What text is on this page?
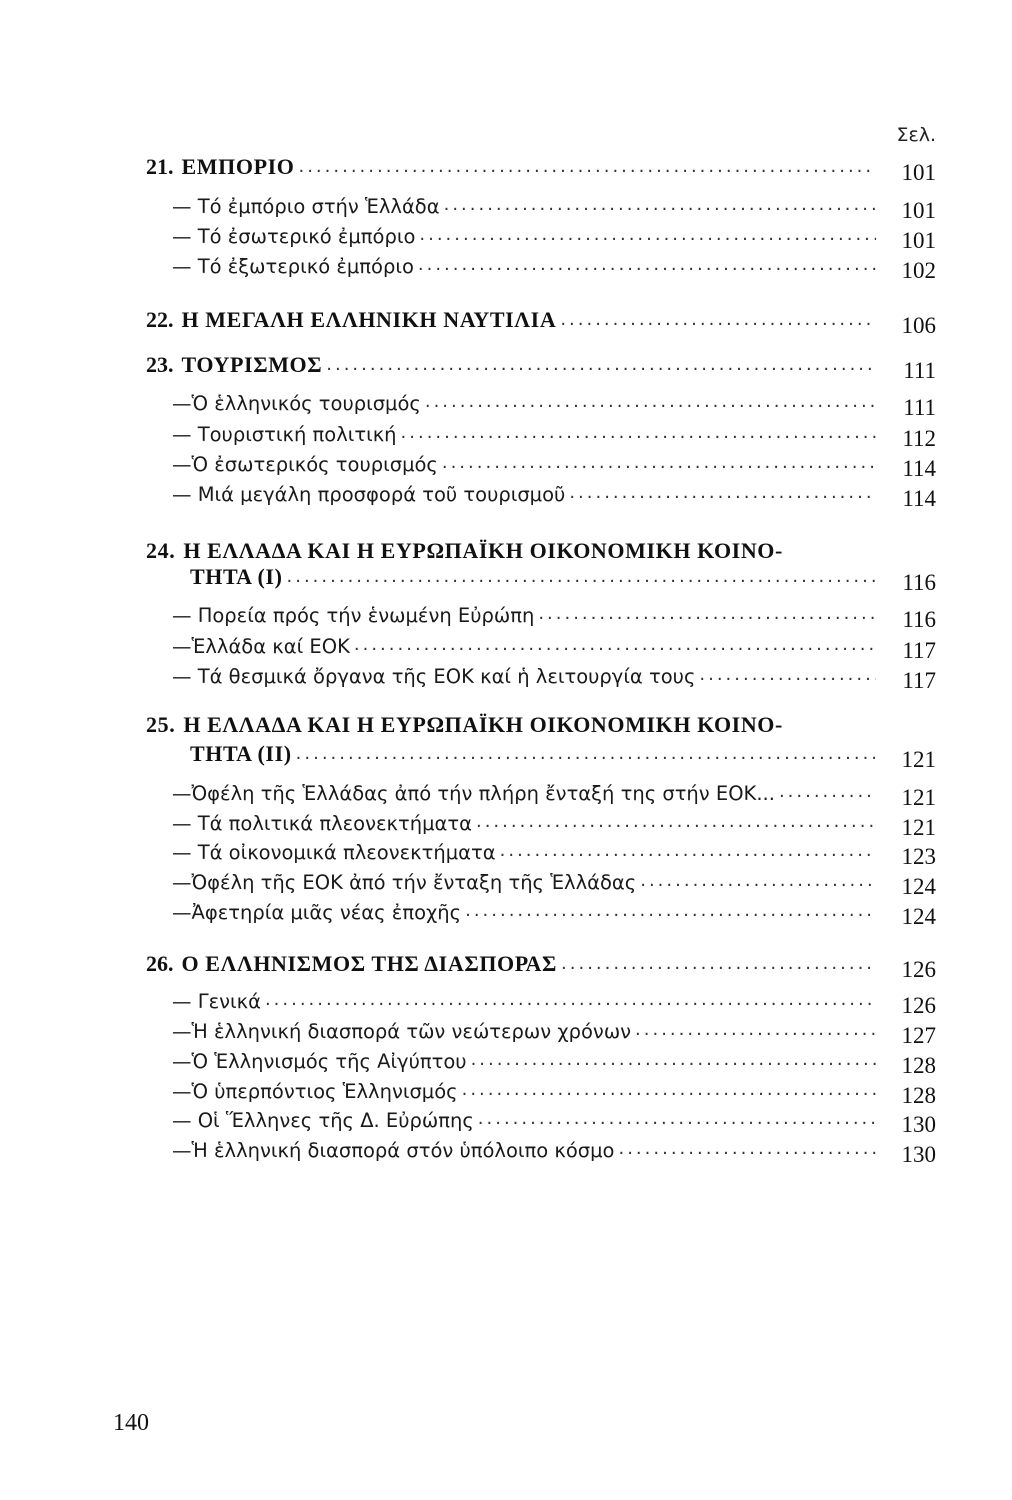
Σελ.
21. ΕΜΠΟΡΙΟ .....	101
— Τό ἐμπόριο στήν Ἑλλάδα .....	101
— Τό ἐσωτερικό ἐμπόριο .....	101
— Τό ἐξωτερικό ἐμπόριο .....	102
22. Η ΜΕΓΑΛΗ ΕΛΛΗΝΙΚΗ ΝΑΥΤΙΛΙΑ .....	106
23. ΤΟΥΡΙΣΜΟΣ .....	111
—Ὁ ἑλληνικός τουρισμός .....	111
— Τουριστική πολιτική .....	112
—Ὁ ἐσωτερικός τουρισμός .....	114
— Μιά μεγάλη προσφορά τοῦ τουρισμοῦ .....	114
24. Η ΕΛΛΑΔΑ ΚΑΙ Η ΕΥΡΩΠΑΪΚΗ ΟΙΚΟΝΟΜΙΚΗ ΚΟΙΝΟ-
ΤΗΤΑ (Ι) .....	116
— Πορεία πρός τήν ἑνωμένη Εὐρώπη .....	116
—Ἑλλάδα καί ΕΟΚ .....	117
— Τά θεσμικά ὄργανα τῆς ΕΟΚ καί ἡ λειτουργία τους .....	117
25. Η ΕΛΛΑΔΑ ΚΑΙ Η ΕΥΡΩΠΑΪΚΗ ΟΙΚΟΝΟΜΙΚΗ ΚΟΙΝΟ-
ΤΗΤΑ (ΙΙ) .....	121
—Ὀφέλη τῆς Ἑλλάδας ἀπό τήν πλήρη ἔνταξή της στήν ΕΟΚ... .....	121
— Τά πολιτικά πλεονεκτήματα .....	121
— Τά οἰκονομικά πλεονεκτήματα .....	123
—Ὀφέλη τῆς ΕΟΚ ἀπό τήν ἔνταξη τῆς Ἑλλάδας .....	124
—Ἀφετηρία μιᾶς νέας ἐποχῆς .....	124
26. Ο ΕΛΛΗΝΙΣΜΟΣ ΤΗΣ ΔΙΑΣΠΟΡΑΣ .....	126
— Γενικά .....	126
—Ἡ ἑλληνική διασπορά τῶν νεώτερων χρόνων .....	127
—Ὁ Ἑλληνισμός τῆς Αἰγύπτου .....	128
—Ὁ ὑπερπόντιος Ἑλληνισμός .....	128
— Οἱ Ἕλληνες τῆς Δ. Εὐρώπης .....	130
—Ἡ ἑλληνική διασπορά στόν ὑπόλοιπο κόσμο .....	130
140
